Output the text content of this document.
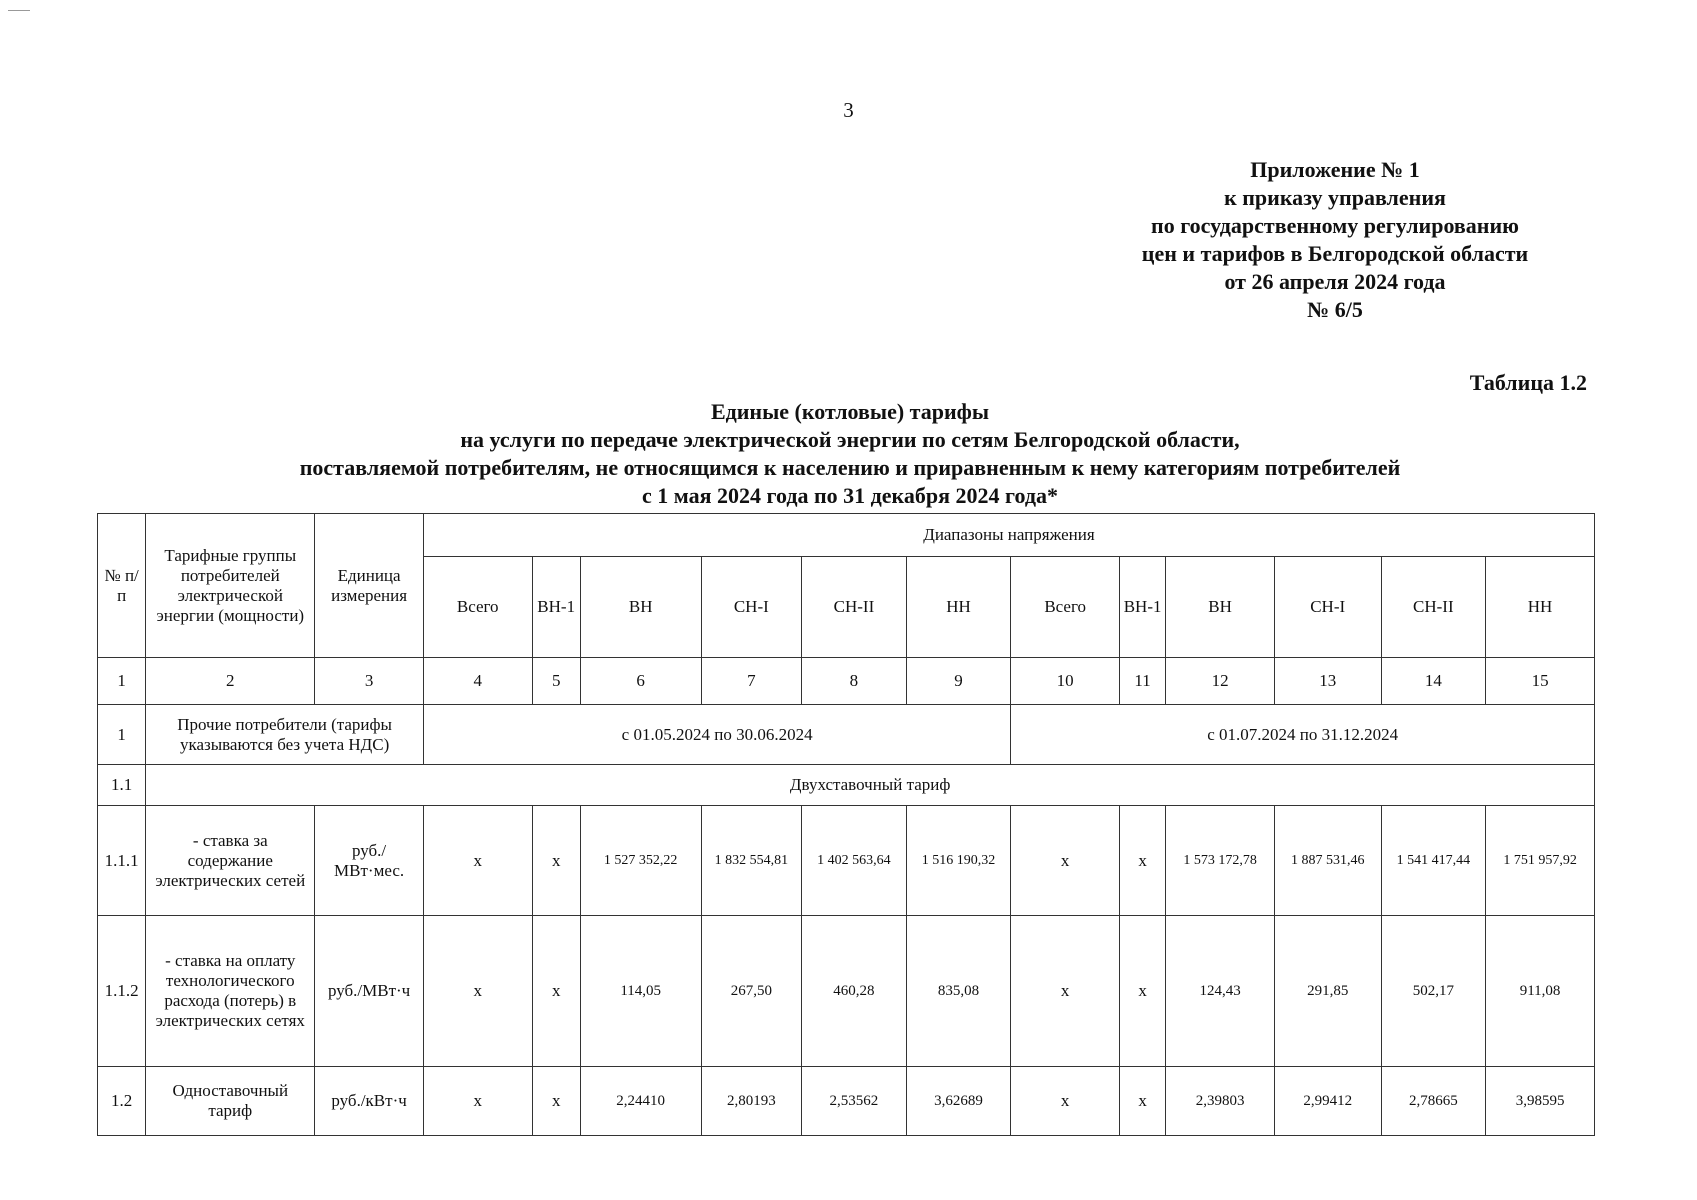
3
Приложение № 1
к приказу управления
по государственному регулированию
цен и тарифов в Белгородской области
от 26 апреля 2024 года
№ 6/5
Таблица 1.2
Единые (котловые) тарифы
на услуги по передаче электрической энергии по сетям Белгородской области,
поставляемой потребителям, не относящимся к населению и приравненным к нему категориям потребителей
с 1 мая 2024 года по 31 декабря 2024 года*
№ п/п	Тарифные группы потребителей электрической энергии (мощности)	Единица измерения	Диапазоны напряжения											
			Всего	ВН-1	ВН	СН-I	СН-II	НН	Всего	ВН-1	ВН	СН-I	СН-II	НН
1	2	3	4	5	6	7	8	9	10	11	12	13	14	15
1	Прочие потребители (тарифы указываются без учета НДС)		с 01.05.2024 по 30.06.2024						с 01.07.2024 по 31.12.2024					
1.1	Двухставочный тариф													
1.1.1	- ставка за содержание электрических сетей	руб./МВт·мес.	х	х	1 527 352,22	1 832 554,81	1 402 563,64	1 516 190,32	х	х	1 573 172,78	1 887 531,46	1 541 417,44	1 751 957,92
1.1.2	- ставка на оплату технологического расхода (потерь) в электрических сетях	руб./МВт·ч	х	х	114,05	267,50	460,28	835,08	х	х	124,43	291,85	502,17	911,08
1.2	Одноставочный тариф	руб./кВт·ч	х	х	2,24410	2,80193	2,53562	3,62689	х	х	2,39803	2,99412	2,78665	3,98595
